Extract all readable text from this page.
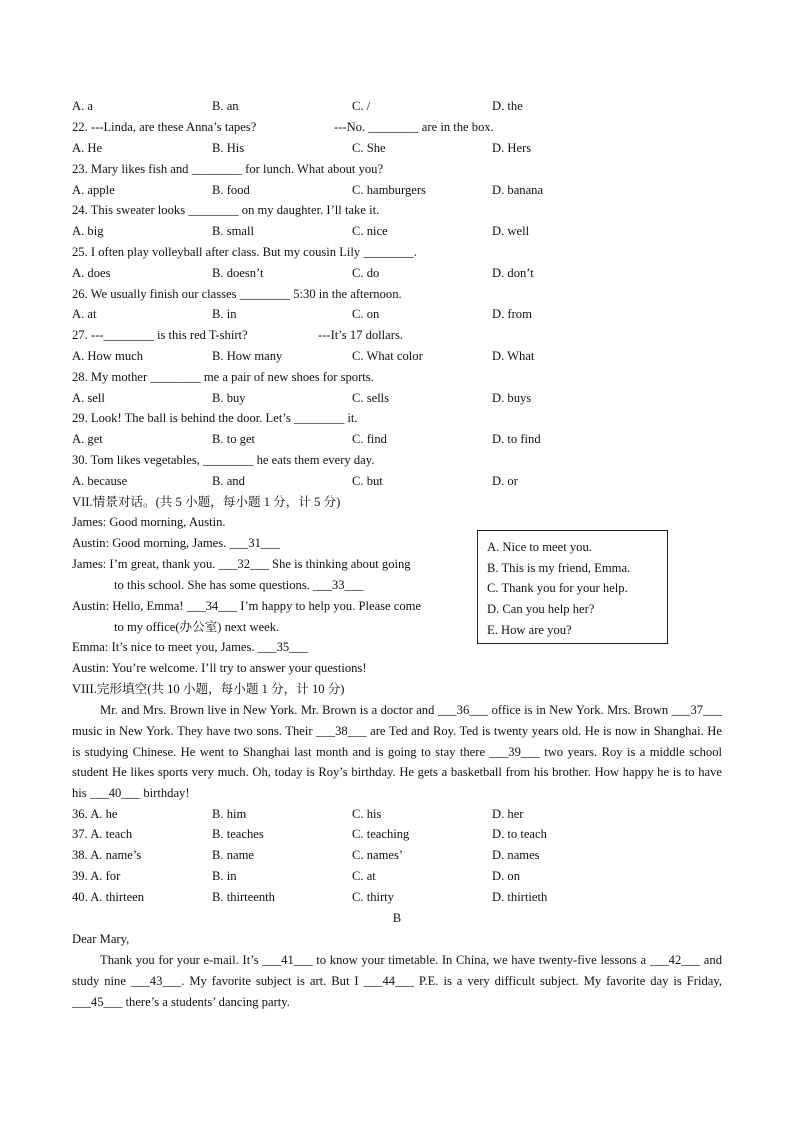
A. a	B. an	C. /	D. the
22. ---Linda, are these Anna’s tapes?	---No. ________ are in the box.
A. He	B. His	C. She	D. Hers
23. Mary likes fish and ________ for lunch. What about you?
A. apple	B. food	C. hamburgers	D. banana
24. This sweater looks ________ on my daughter. I’ll take it.
A. big	B. small	C. nice	D. well
25. I often play volleyball after class. But my cousin Lily ________.
A. does	B. doesn’t	C. do	D. don’t
26. We usually finish our classes ________ 5:30 in the afternoon.
A. at	B. in	C. on	D. from
27. ---________ is this red T-shirt?	---It’s 17 dollars.
A. How much	B. How many	C. What color	D. What
28. My mother ________ me a pair of new shoes for sports.
A. sell	B. buy	C. sells	D. buys
29. Look! The ball is behind the door. Let’s ________ it.
A. get	B. to get	C. find	D. to find
30. Tom likes vegetables, ________ he eats them every day.
A. because	B. and	C. but	D. or
VII.情景对话。(共 5 小题，每小题 1 分，计 5 分)
James: Good morning, Austin.
Austin: Good morning, James. ___31___
James: I’m great, thank you. ___32___ She is thinking about going
to this school. She has some questions. ___33___
Austin: Hello, Emma! ___34___ I’m happy to help you. Please come
to my office(办公室) next week.
Emma: It’s nice to meet you, James. ___35___
Austin: You’re welcome. I’ll try to answer your questions!
A. Nice to meet you.
B. This is my friend, Emma.
C. Thank you for your help.
D. Can you help her?
E. How are you?
VIII.完形填空(共 10 小题，每小题 1 分，计 10 分)
Mr. and Mrs. Brown live in New York. Mr. Brown is a doctor and ___36___ office is in New York. Mrs. Brown ___37___ music in New York. They have two sons. Their ___38___ are Ted and Roy. Ted is twenty years old. He is now in Shanghai. He is studying Chinese. He went to Shanghai last month and is going to stay there ___39___ two years. Roy is a middle school student He likes sports very much. Oh, today is Roy’s birthday. He gets a basketball from his brother. How happy he is to have his ___40___ birthday!
36. A. he	B. him	C. his	D. her
37. A. teach	B. teaches	C. teaching	D. to teach
38. A. name’s	B. name	C. names’	D. names
39. A. for	B. in	C. at	D. on
40. A. thirteen	B. thirteenth	C. thirty	D. thirtieth
B
Dear Mary,
Thank you for your e-mail. It’s ___41___ to know your timetable. In China, we have twenty-five lessons a ___42___ and study nine ___43___. My favorite subject is art. But I ___44___ P.E. is a very difficult subject. My favorite day is Friday, ___45___ there’s a students’ dancing party.
